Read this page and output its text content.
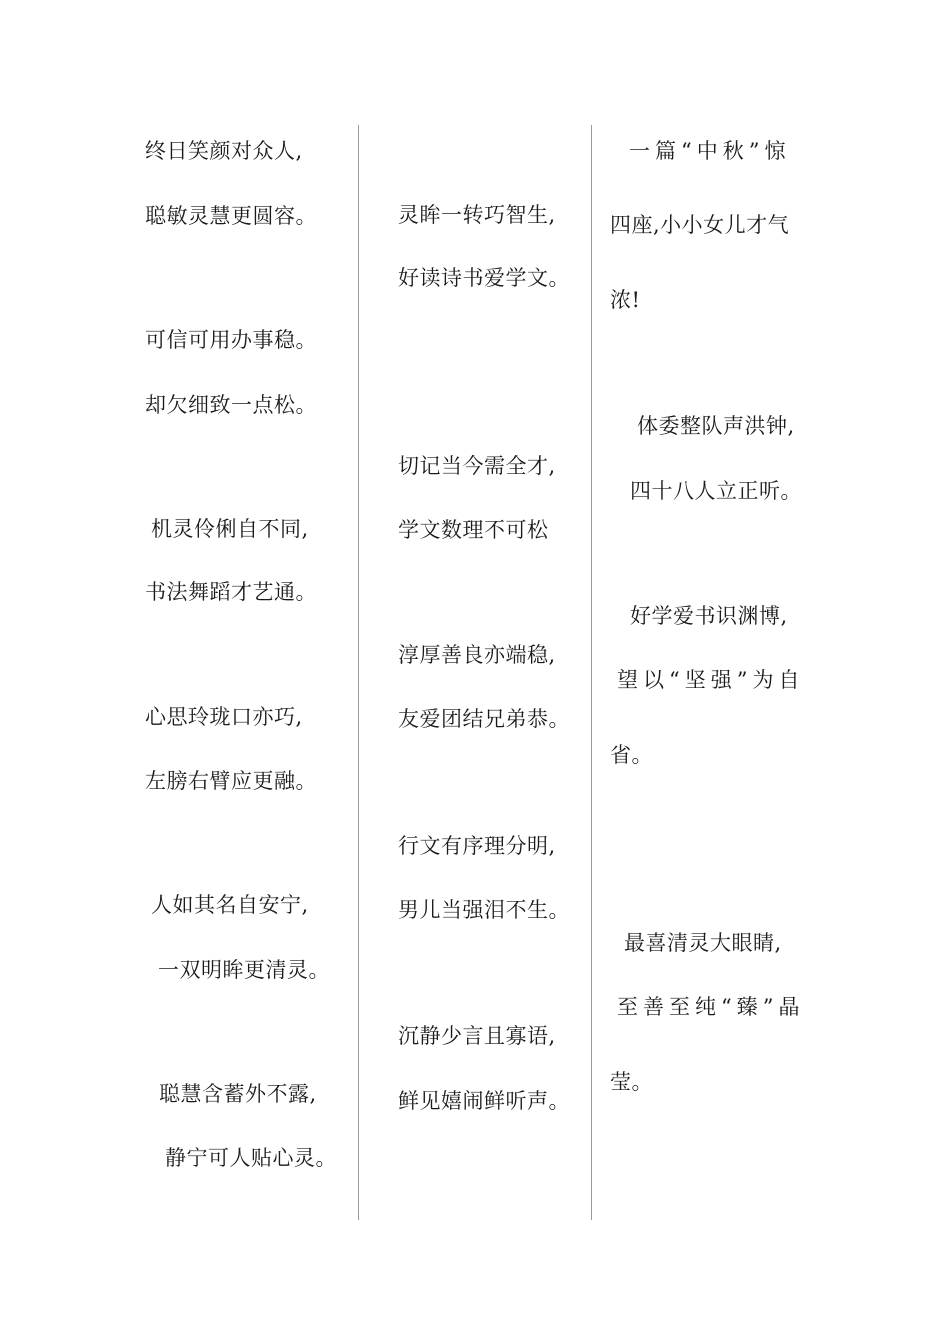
终日笑颜对众人,
聪敏灵慧更圆容。
可信可用办事稳。
却欠细致一点松。
机灵伶俐自不同,
书法舞蹈才艺通。
心思玲珑口亦巧,
左膀右臂应更融。
人如其名自安宁,
一双明眸更清灵。
聪慧含蓄外不露,
静宁可人贴心灵。
灵眸一转巧智生,
好读诗书爱学文。
切记当今需全才,
学文数理不可松
淳厚善良亦端稳,
友爱团结兄弟恭。
行文有序理分明,
男儿当强泪不生。
沉静少言且寡语,
鲜见嬉闹鲜听声。
一篇“中秋”惊
四座,小小女儿才气
浓!
体委整队声洪钟,
四十八人立正听。
好学爱书识渊博,
望以“坚强”为自
省。
最喜清灵大眼睛,
至善至纯“臻”晶
莹。
